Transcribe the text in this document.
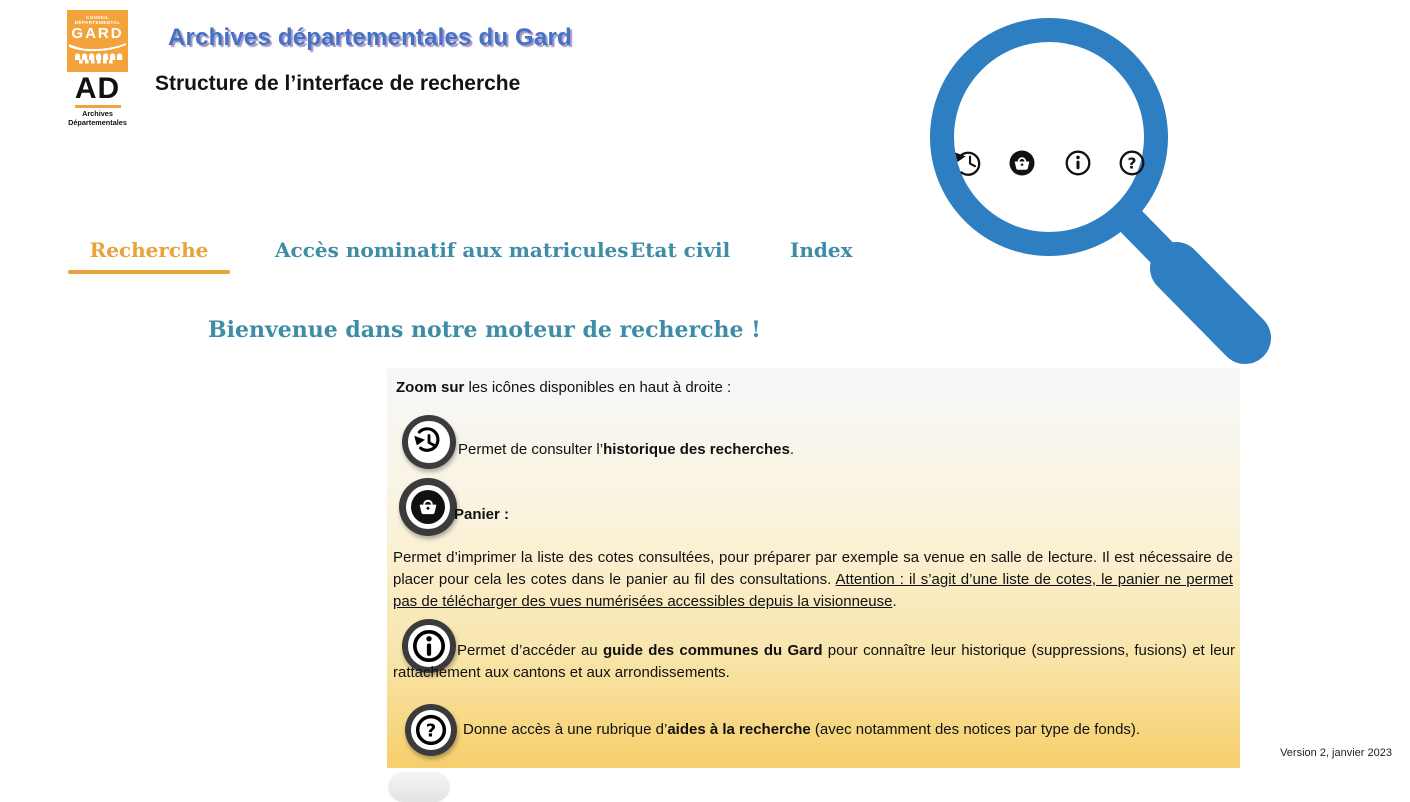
CONSEIL
DÉPARTEMENTAL
GARD
AD
Archives
Départementales
Archives départementales du Gard
Structure de l’interface de recherche
?
Recherche	Accès nominatif aux matricules Etat civil	Index
Bienvenue dans notre moteur de recherche !
Zoom sur les icônes disponibles en haut à droite :
Permet de consulter l’historique des recherches.
Panier :
Permet d’imprimer la liste des cotes consultées, pour préparer par exemple sa venue en salle de lecture. Il est nécessaire de placer pour cela les cotes dans le panier au fil des consultations. Attention : il s’agit d’une liste de cotes, le panier ne permet pas de télécharger des vues numérisées accessibles depuis la visionneuse.
Permet d’accéder au guide des communes du Gard pour connaître leur historique (suppressions, fusions) et leur rattachement aux cantons et aux arrondissements.
? Donne accès à une rubrique d’aides à la recherche (avec notamment des notices par type de fonds).
Version 2, janvier 2023
